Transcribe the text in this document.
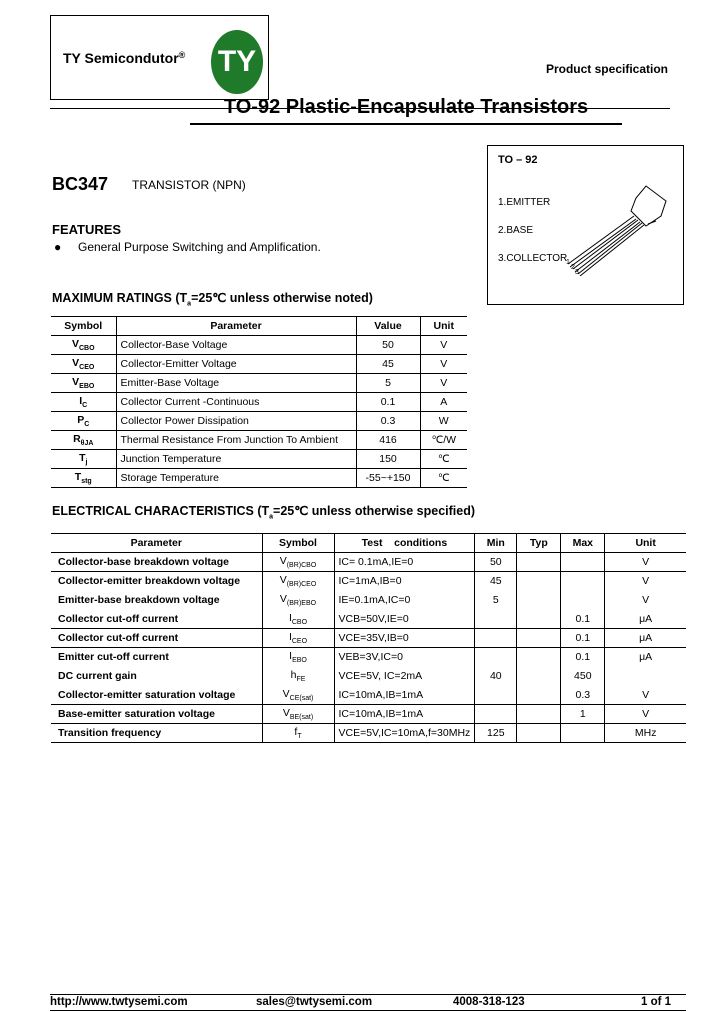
TY Semicondutor® TY	Product specification
TO-92 Plastic-Encapsulate Transistors
BC347 TRANSISTOR (NPN)
FEATURES
● General Purpose Switching and Amplification.
TO – 92
1.EMITTER
2.BASE
3.COLLECTOR
1
2
3
MAXIMUM RATINGS ($T_a=25℃$ unless otherwise noted)
Symbol	Parameter	Value	Unit
$V_{CBO}$	Collector-Base Voltage	50	V
$V_{CEO}$	Collector-Emitter Voltage	45	V
$V_{EBO}$	Emitter-Base Voltage	5	V
$I_C$	Collector Current -Continuous	0.1	A
$P_C$	Collector Power Dissipation	0.3	W
$R_{\theta JA}$	Thermal Resistance From Junction To Ambient	416	℃/W
$T_j$	Junction Temperature	150	℃
$T_{stg}$	Storage Temperature	-55~+150	℃
ELECTRICAL CHARACTERISTICS ($T_a=25℃$ unless otherwise specified)
Parameter	Symbol	Test    conditions	Min	Typ	Max	Unit
Collector-base breakdown voltage	$V_{(BR)CBO}$	IC= 0.1mA,IE=0	50			V
Collector-emitter breakdown voltage	$V_{(BR)CEO}$	IC=1mA,IB=0	45			V
Emitter-base breakdown voltage	$V_{(BR)EBO}$	IE=0.1mA,IC=0	5			V
Collector cut-off current	$I_{CBO}$	VCB=50V,IE=0			0.1	μA
Collector cut-off current	$I_{CEO}$	VCE=35V,IB=0			0.1	μA
Emitter cut-off current	$I_{EBO}$	VEB=3V,IC=0			0.1	μA
DC current gain	$h_{FE}$	VCE=5V, IC=2mA	40		450	
Collector-emitter saturation voltage	$V_{CE(sat)}$	IC=10mA,IB=1mA			0.3	V
Base-emitter saturation voltage	$V_{BE(sat)}$	IC=10mA,IB=1mA			1	V
Transition frequency	$f_T$	VCE=5V,IC=10mA,f=30MHz	125			MHz
http://www.twtysemi.com	sales@twtysemi.com	4008-318-123	1 of 1
